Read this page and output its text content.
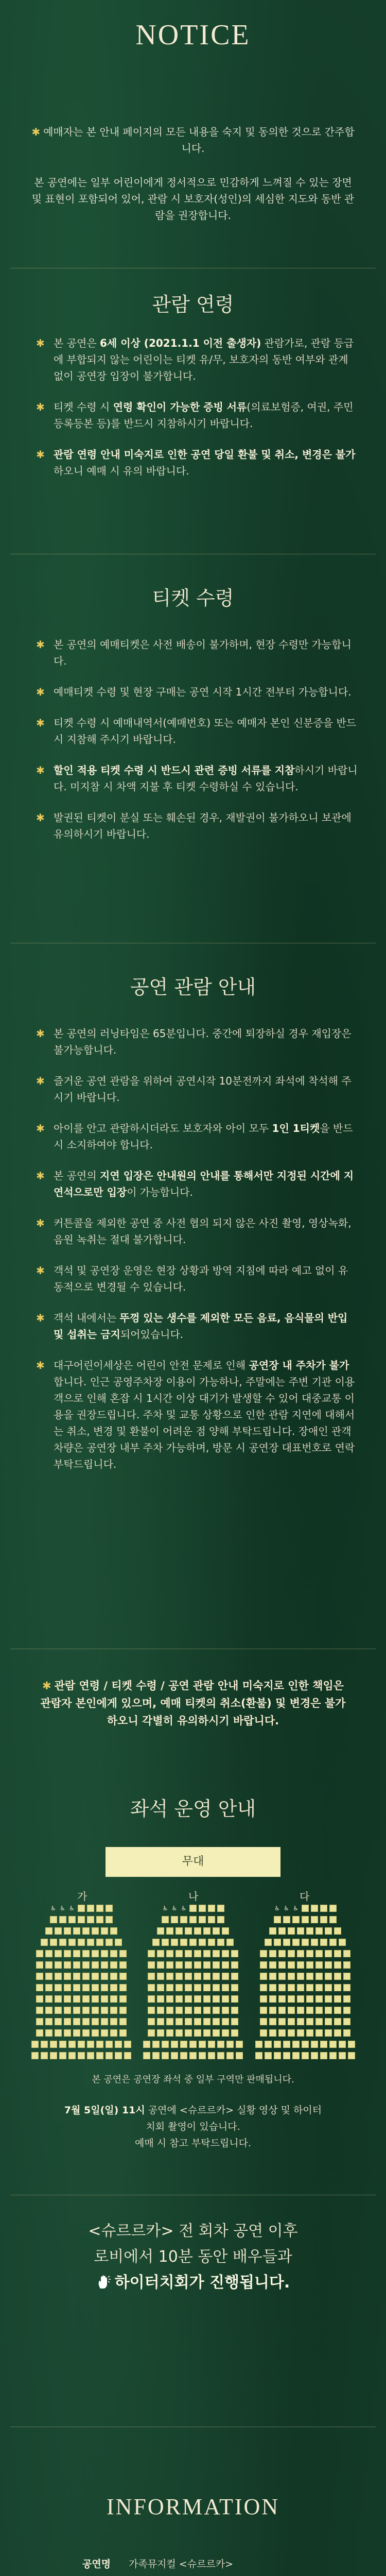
NOTICE

✱ 예매자는 본 안내 페이지의 모든 내용을 숙지 및 동의한 것으로 간주합니다.

본 공연에는 일부 어린이에게 정서적으로 민감하게 느껴질 수 있는 장면 및 표현이 포함되어 있어, 관람 시 보호자(성인)의 세심한 지도와 동반 관람을 권장합니다.

관람 연령
✱ 본 공연은 6세 이상 (2021.1.1 이전 출생자) 관람가로, 관람 등급에 부합되지 않는 어린이는 티켓 유/무, 보호자의 동반 여부와 관계없이 공연장 입장이 불가합니다.
✱ 티켓 수령 시 연령 확인이 가능한 증빙 서류(의료보험증, 여권, 주민등록등본 등)를 반드시 지참하시기 바랍니다.
✱ 관람 연령 안내 미숙지로 인한 공연 당일 환불 및 취소, 변경은 불가하오니 예매 시 유의 바랍니다.
티켓 수령
✱ 본 공연의 예매티켓은 사전 배송이 불가하며, 현장 수령만 가능합니다.
✱ 예매티켓 수령 및 현장 구매는 공연 시작 1시간 전부터 가능합니다.
✱ 티켓 수령 시 예매내역서(예매번호) 또는 예매자 본인 신분증을 반드시 지참해 주시기 바랍니다.
✱ 할인 적용 티켓 수령 시 반드시 관련 증빙 서류를 지참하시기 바랍니다. 미지참 시 차액 지불 후 티켓 수령하실 수 있습니다.
✱ 발권된 티켓이 분실 또는 훼손된 경우, 재발권이 불가하오니 보관에 유의하시기 바랍니다.
공연 관람 안내
✱ 본 공연의 러닝타임은 65분입니다. 중간에 퇴장하실 경우 재입장은 불가능합니다.
✱ 즐거운 공연 관람을 위하여 공연시작 10분전까지 좌석에 착석해 주시기 바랍니다.
✱ 아이를 안고 관람하시더라도 보호자와 아이 모두 1인 1티켓을 반드시 소지하여야 합니다.
✱ 본 공연의 지연 입장은 안내원의 안내를 통해서만 지정된 시간에 지연석으로만 입장이 가능합니다.
✱ 커튼콜을 제외한 공연 중 사전 협의 되지 않은 사진 촬영, 영상녹화, 음원 녹취는 절대 불가합니다.
✱ 객석 및 공연장 운영은 현장 상황과 방역 지침에 따라 예고 없이 유동적으로 변경될 수 있습니다.
✱ 객석 내에서는 뚜껑 있는 생수를 제외한 모든 음료, 음식물의 반입 및 섭취는 금지되어있습니다.
✱ 대구어린이세상은 어린이 안전 문제로 인해 공연장 내 주차가 불가합니다. 인근 공영주차장 이용이 가능하나, 주말에는 주변 기관 이용객으로 인해 혼잡 시 1시간 이상 대기가 발생할 수 있어 대중교통 이용을 권장드립니다. 주차 및 교통 상황으로 인한 관람 지연에 대해서는 취소, 변경 및 환불이 어려운 점 양해 부탁드립니다. 장애인 관객 차량은 공연장 내부 주차 가능하며, 방문 시 공연장 대표번호로 연락 부탁드립니다.
✱ 관람 연령 / 티켓 수령 / 공연 관람 안내 미숙지로 인한 책임은 관람자 본인에게 있으며, 예매 티켓의 취소(환불) 및 변경은 불가하오니 각별히 유의하시기 바랍니다.
좌석 운영 안내
무대
가	나	다
♿ ♿ ♿	♿ ♿ ♿	♿ ♿ ♿
본 공연은 공연장 좌석 중 일부 구역만 판매됩니다.
7월 5일(일) 11시 공연에 <슈르르카> 실황 영상 및 하이터치회 촬영이 있습니다.
예매 시 참고 부탁드립니다.
<슈르르카> 전 회차 공연 이후
로비에서 10분 동안 배우들과
하이터치회가 진행됩니다.
INFORMATION
공연명	가족뮤지컬 <슈르르카>
